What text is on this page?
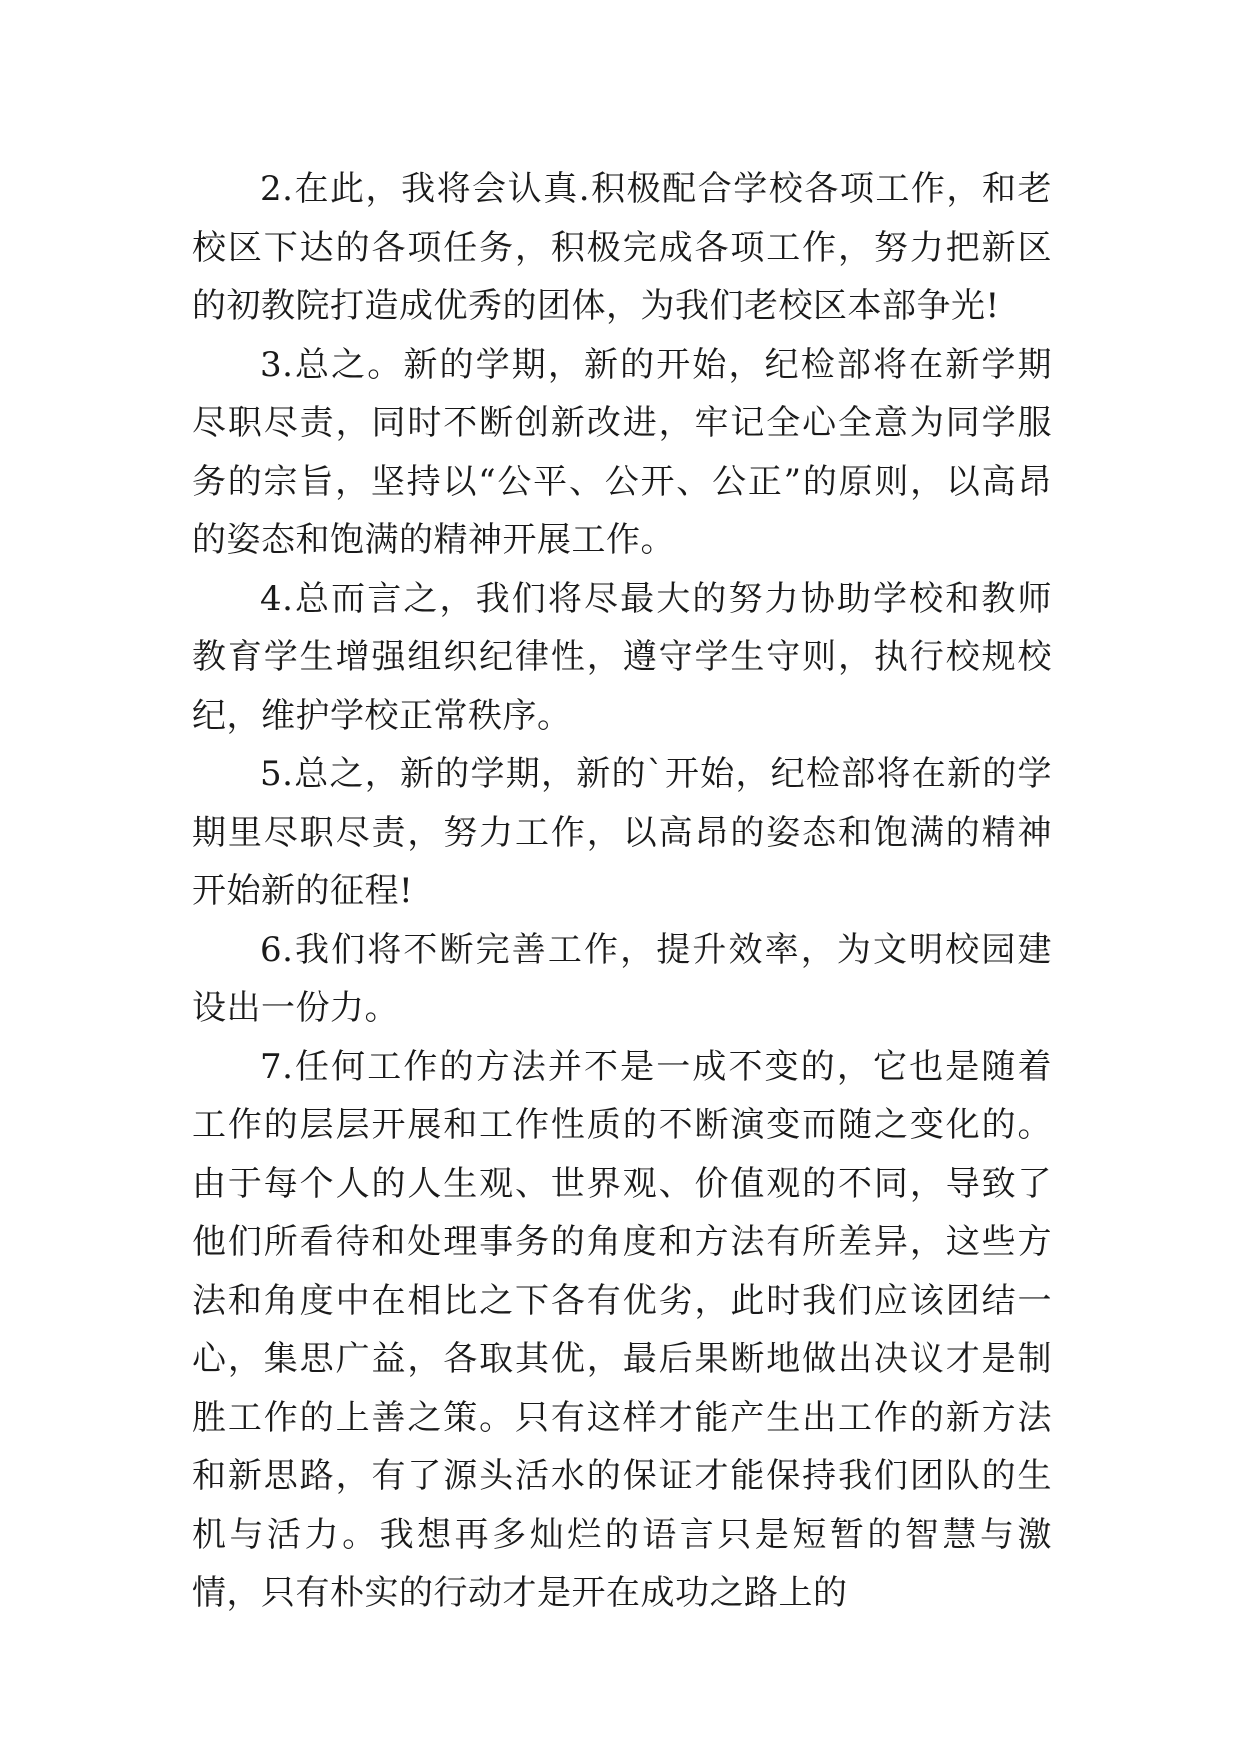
2.在此，我将会认真.积极配合学校各项工作，和老校区下达的各项任务，积极完成各项工作，努力把新区的初教院打造成优秀的团体，为我们老校区本部争光!

3.总之。新的学期，新的开始，纪检部将在新学期尽职尽责，同时不断创新改进，牢记全心全意为同学服务的宗旨，坚持以“公平、公开、公正”的原则，以高昂的姿态和饱满的精神开展工作。

4.总而言之，我们将尽最大的努力协助学校和教师教育学生增强组织纪律性，遵守学生守则，执行校规校纪，维护学校正常秩序。

5.总之，新的学期，新的`开始，纪检部将在新的学期里尽职尽责，努力工作，以高昂的姿态和饱满的精神开始新的征程!

6.我们将不断完善工作，提升效率，为文明校园建设出一份力。

7.任何工作的方法并不是一成不变的，它也是随着工作的层层开展和工作性质的不断演变而随之变化的。由于每个人的人生观、世界观、价值观的不同，导致了他们所看待和处理事务的角度和方法有所差异，这些方法和角度中在相比之下各有优劣，此时我们应该团结一心，集思广益，各取其优，最后果断地做出决议才是制胜工作的上善之策。只有这样才能产生出工作的新方法和新思路，有了源头活水的保证才能保持我们团队的生机与活力。我想再多灿烂的语言只是短暂的智慧与激情，只有朴实的行动才是开在成功之路上的
